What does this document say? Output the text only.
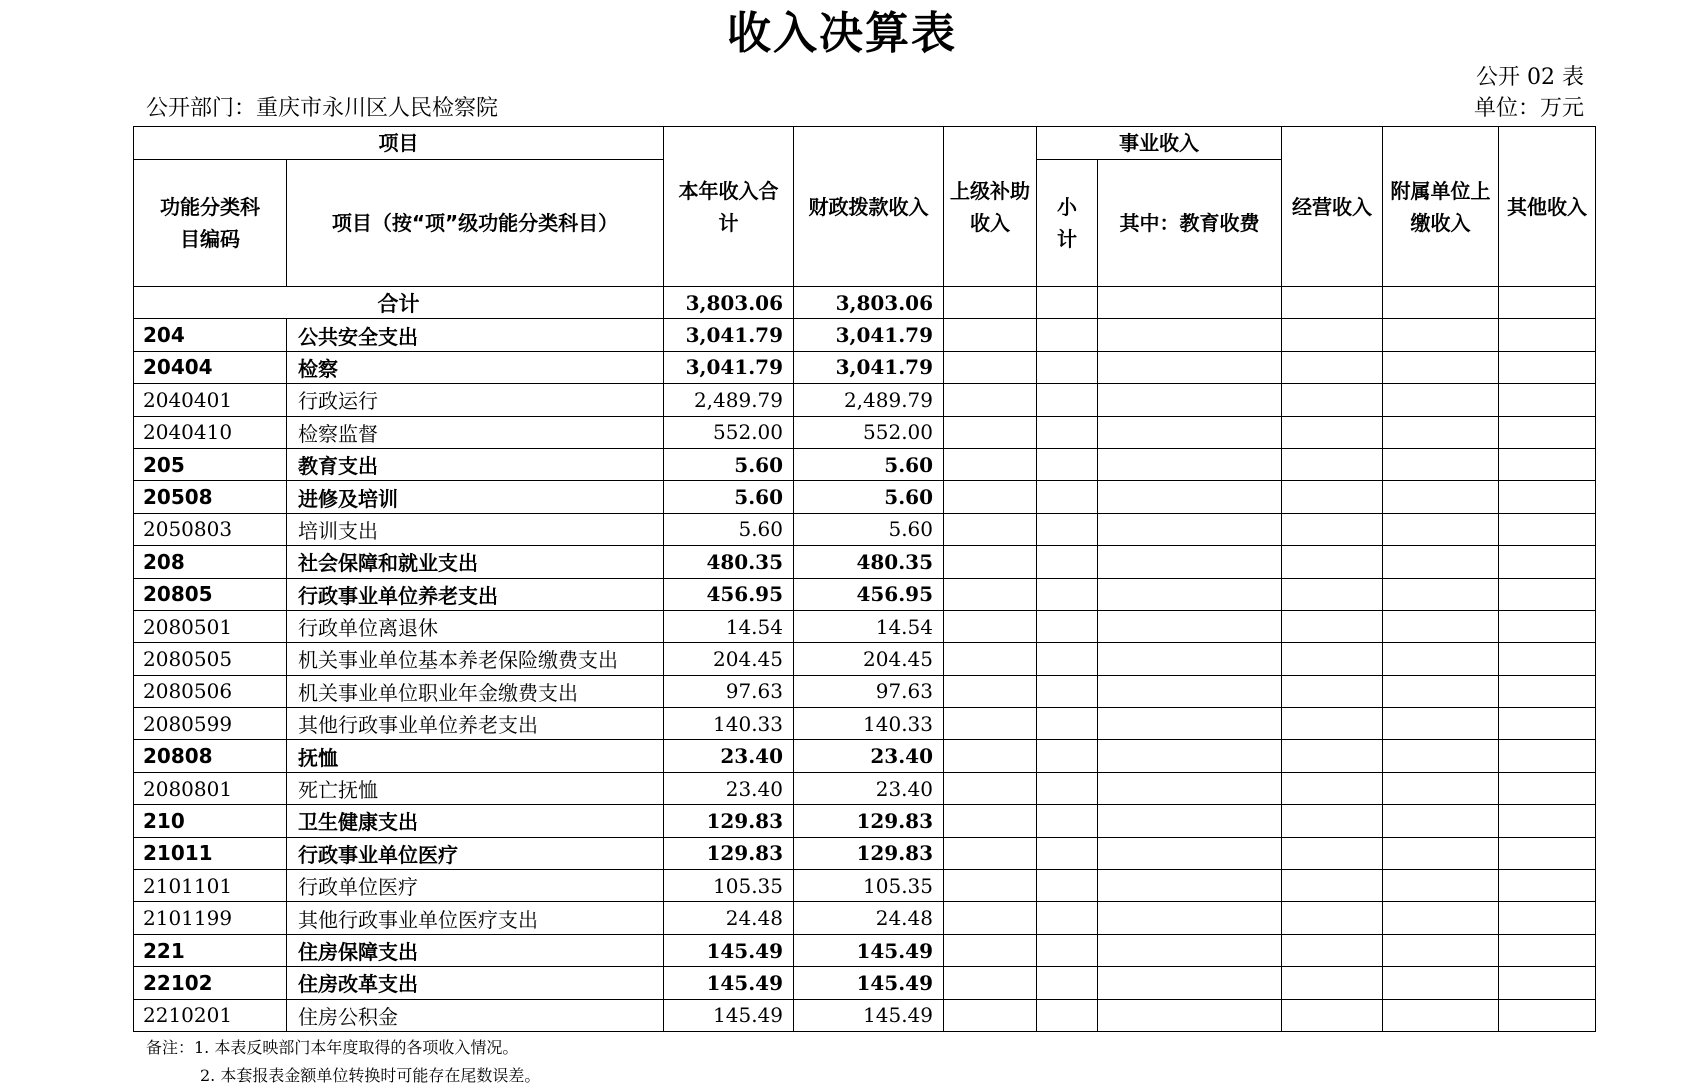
收入决算表
公开 02 表
公开部门：重庆市永川区人民检察院	单位：万元
项目		本年收入合计	财政拨款收入	上级补助收入	事业收入		经营收入	附属单位上缴收入	其他收入

功能分类科目编码	项目（按“项”级功能分类科目）				小计	其中：教育收费			
合计		3,803.06	3,803.06						
204	公共安全支出	3,041.79	3,041.79						
20404	检察	3,041.79	3,041.79						
2040401	行政运行	2,489.79	2,489.79						
2040410	检察监督	552.00	552.00						
205	教育支出	5.60	5.60						
20508	进修及培训	5.60	5.60						
2050803	培训支出	5.60	5.60						
208	社会保障和就业支出	480.35	480.35						
20805	行政事业单位养老支出	456.95	456.95						
2080501	行政单位离退休	14.54	14.54						
2080505	机关事业单位基本养老保险缴费支出	204.45	204.45						
2080506	机关事业单位职业年金缴费支出	97.63	97.63						
2080599	其他行政事业单位养老支出	140.33	140.33						
20808	抚恤	23.40	23.40						
2080801	死亡抚恤	23.40	23.40						
210	卫生健康支出	129.83	129.83						
21011	行政事业单位医疗	129.83	129.83						
2101101	行政单位医疗	105.35	105.35						
2101199	其他行政事业单位医疗支出	24.48	24.48						
221	住房保障支出	145.49	145.49						
22102	住房改革支出	145.49	145.49						
2210201	住房公积金	145.49	145.49						
备注：1. 本表反映部门本年度取得的各项收入情况。
2. 本套报表金额单位转换时可能存在尾数误差。
